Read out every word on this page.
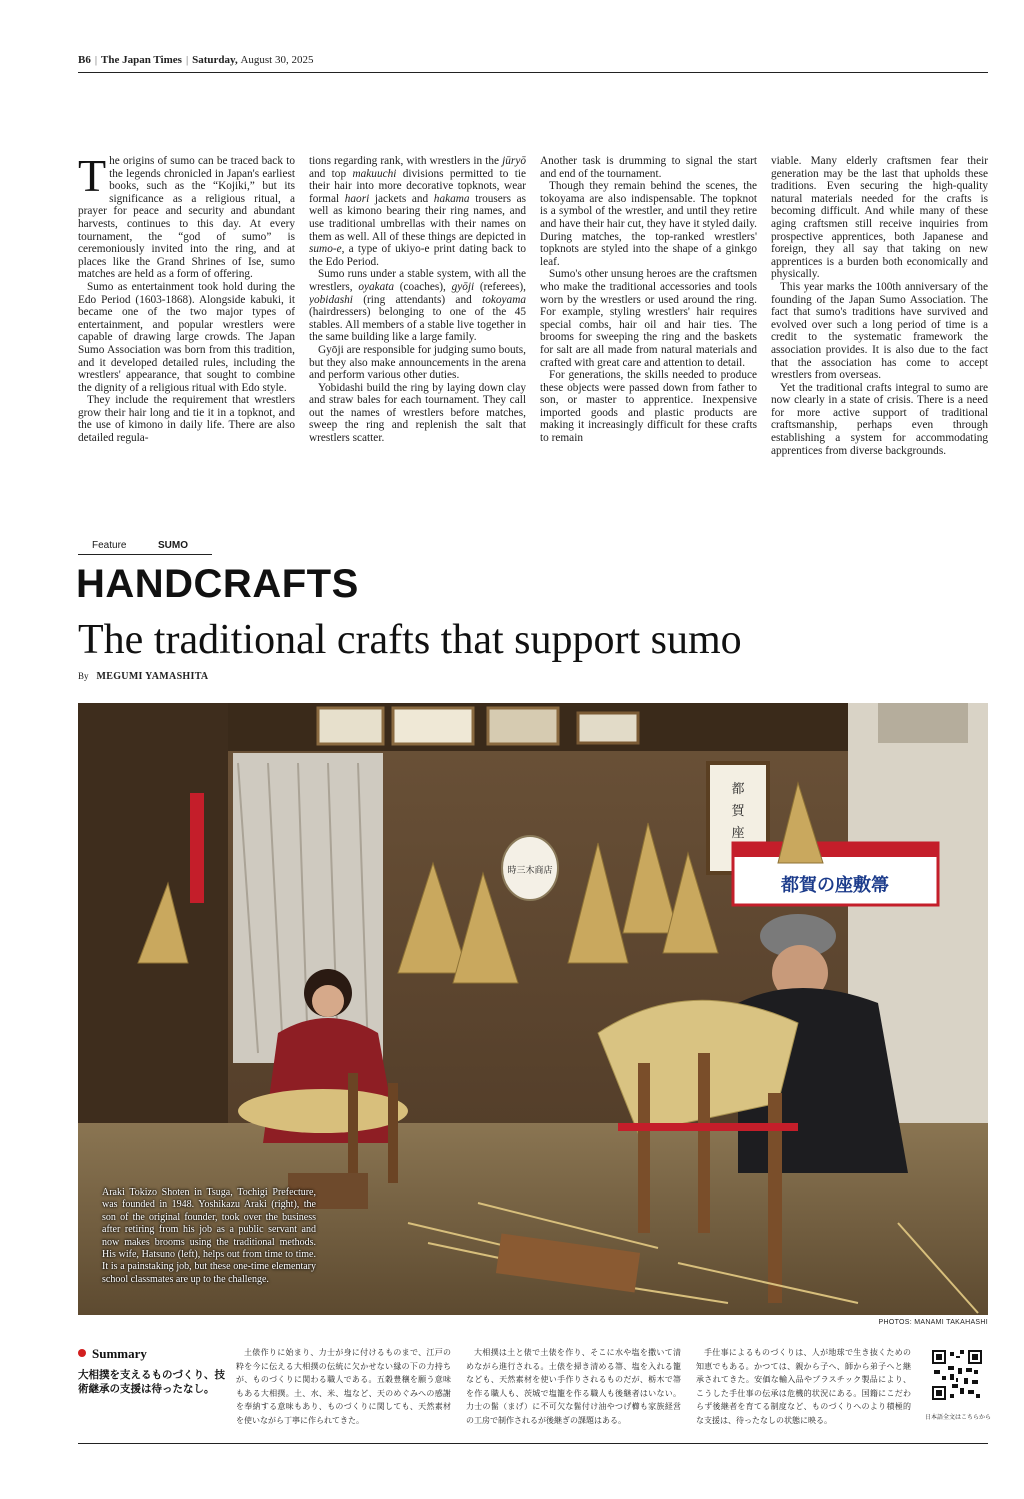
B6 | The Japan Times | Saturday, August 30, 2025

The origins of sumo can be traced back to the legends chronicled in Japan's earliest books, such as the “Kojiki,” but its significance as a religious ritual, a prayer for peace and security and abundant harvests, continues to this day. At every tournament, the “god of sumo” is ceremoniously invited into the ring, and at places like the Grand Shrines of Ise, sumo matches are held as a form of offering.

Sumo as entertainment took hold during the Edo Period (1603-1868). Alongside kabuki, it became one of the two major types of entertainment, and popular wrestlers were capable of drawing large crowds. The Japan Sumo Association was born from this tradition, and it developed detailed rules, including the wrestlers' appearance, that sought to combine the dignity of a religious ritual with Edo style.

They include the requirement that wrestlers grow their hair long and tie it in a topknot, and the use of kimono in daily life. There are also detailed regula-

tions regarding rank, with wrestlers in the jūryō and top makuuchi divisions permitted to tie their hair into more decorative topknots, wear formal haori jackets and hakama trousers as well as kimono bearing their ring names, and use traditional umbrellas with their names on them as well. All of these things are depicted in sumo-e, a type of ukiyo-e print dating back to the Edo Period.

Sumo runs under a stable system, with all the wrestlers, oyakata (coaches), gyōji (referees), yobidashi (ring attendants) and tokoyama (hairdressers) belonging to one of the 45 stables. All members of a stable live together in the same building like a large family.

Gyōji are responsible for judging sumo bouts, but they also make announcements in the arena and perform various other duties.

Yobidashi build the ring by laying down clay and straw bales for each tournament. They call out the names of wrestlers before matches, sweep the ring and replenish the salt that wrestlers scatter.

Another task is drumming to signal the start and end of the tournament.

Though they remain behind the scenes, the tokoyama are also indispensable. The topknot is a symbol of the wrestler, and until they retire and have their hair cut, they have it styled daily. During matches, the top-ranked wrestlers' topknots are styled into the shape of a ginkgo leaf.

Sumo's other unsung heroes are the craftsmen who make the traditional accessories and tools worn by the wrestlers or used around the ring. For example, styling wrestlers' hair requires special combs, hair oil and hair ties. The brooms for sweeping the ring and the baskets for salt are all made from natural materials and crafted with great care and attention to detail.

For generations, the skills needed to produce these objects were passed down from father to son, or master to apprentice. Inexpensive imported goods and plastic products are making it increasingly difficult for these crafts to remain

viable. Many elderly craftsmen fear their generation may be the last that upholds these traditions. Even securing the high-quality natural materials needed for the crafts is becoming difficult. And while many of these aging craftsmen still receive inquiries from prospective apprentices, both Japanese and foreign, they all say that taking on new apprentices is a burden both economically and physically.

This year marks the 100th anniversary of the founding of the Japan Sumo Association. The fact that sumo's traditions have survived and evolved over such a long period of time is a credit to the systematic framework the association provides. It is also due to the fact that the association has come to accept wrestlers from overseas.

Yet the traditional crafts integral to sumo are now clearly in a state of crisis. There is a need for more active support of traditional craftsmanship, perhaps even through establishing a system for accommodating apprentices from diverse backgrounds.

Feature	SUMO
HANDCRAFTS
The traditional crafts that support sumo
By MEGUMI YAMASHITA
都
賀
座
都賀の座敷箒
時三木商店
Araki Tokizo Shoten in Tsuga, Tochigi Prefecture, was founded in 1948. Yoshikazu Araki (right), the son of the original founder, took over the business after retiring from his job as a public servant and now makes brooms using the traditional methods. His wife, Hatsuno (left), helps out from time to time. It is a painstaking job, but these one-time elementary school classmates are up to the challenge.
PHOTOS: MANAMI TAKAHASHI
Summary
大相撲を支えるものづくり、技術継承の支援は待ったなし。
土俵作りに始まり、力士が身に付けるものまで、江戸の粋を今に伝える大相撲の伝統に欠かせない縁の下の力持ちが、ものづくりに関わる職人である。五穀豊穣を願う意味もある大相撲。土、水、米、塩など、天のめぐみへの感謝を奉納する意味もあり、ものづくりに関しても、天然素材を使いながら丁寧に作られてきた。
大相撲は土と俵で土俵を作り、そこに水や塩を撒いて清めながら進行される。土俵を掃き清める箒、塩を入れる籠なども、天然素材を使い手作りされるものだが、栃木で箒を作る職人も、茨城で塩籠を作る職人も後継者はいない。力士の髷（まげ）に不可欠な髷付け油やつげ櫛も家族経営の工房で制作されるが後継ぎの課題はある。
手仕事によるものづくりは、人が地球で生き抜くための知恵でもある。かつては、親から子へ、師から弟子へと継承されてきた。安価な輸入品やプラスチック製品により、こうした手仕事の伝承は危機的状況にある。国籍にこだわらず後継者を育てる制度など、ものづくりへのより積極的な支援は、待ったなしの状態に映る。	日本語全文はこちらから
